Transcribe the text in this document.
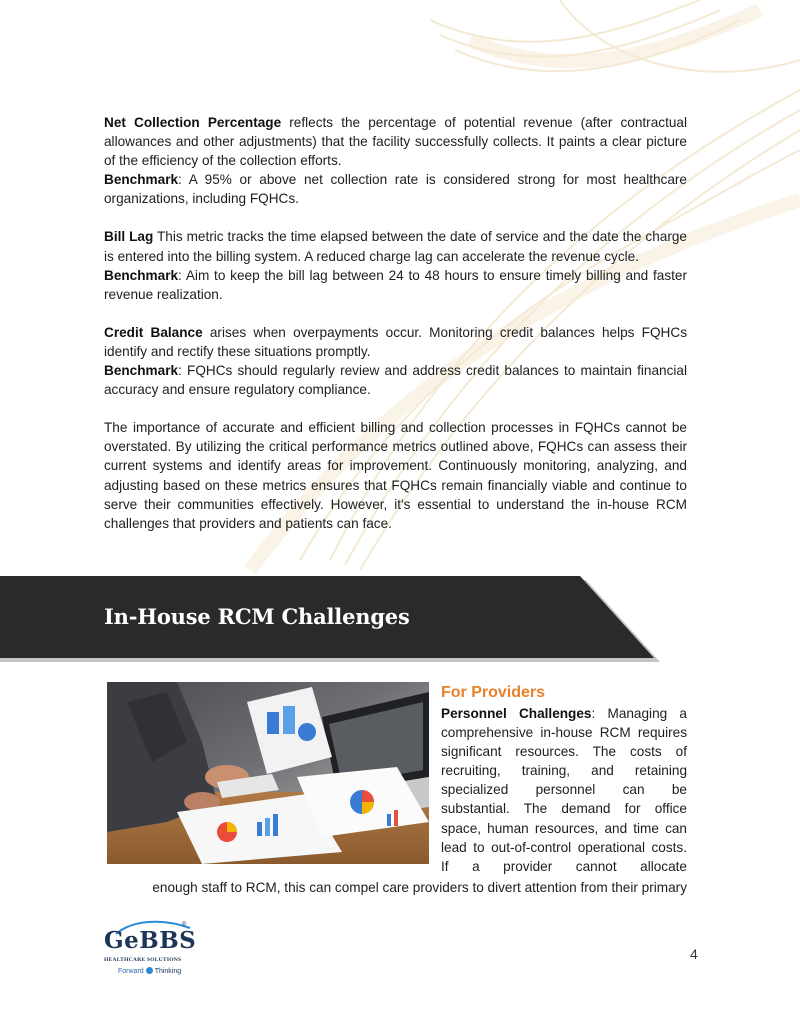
Net Collection Percentage reflects the percentage of potential revenue (after contractual allowances and other adjustments) that the facility successfully collects. It paints a clear picture of the efficiency of the collection efforts.

Benchmark: A 95% or above net collection rate is considered strong for most healthcare organizations, including FQHCs.

Bill Lag This metric tracks the time elapsed between the date of service and the date the charge is entered into the billing system. A reduced charge lag can accelerate the revenue cycle.

Benchmark: Aim to keep the bill lag between 24 to 48 hours to ensure timely billing and faster revenue realization.

Credit Balance arises when overpayments occur. Monitoring credit balances helps FQHCs identify and rectify these situations promptly.

Benchmark: FQHCs should regularly review and address credit balances to maintain financial accuracy and ensure regulatory compliance.

The importance of accurate and efficient billing and collection processes in FQHCs cannot be overstated. By utilizing the critical performance metrics outlined above, FQHCs can assess their current systems and identify areas for improvement. Continuously monitoring, analyzing, and adjusting based on these metrics ensures that FQHCs remain financially viable and continue to serve their communities effectively. However, it's essential to understand the in-house RCM challenges that providers and patients can face.

In-House RCM Challenges
For Providers

Personnel Challenges: Managing a comprehensive in-house RCM requires significant resources. The costs of recruiting, training, and retaining specialized personnel can be substantial. The demand for office space, human resources, and time can lead to out-of-control operational costs. If a provider cannot allocate

enough staff to RCM, this can compel care providers to divert attention from their primary
®
GeBBS
HEALTHCARE SOLUTIONS
Forward Thinking
4
